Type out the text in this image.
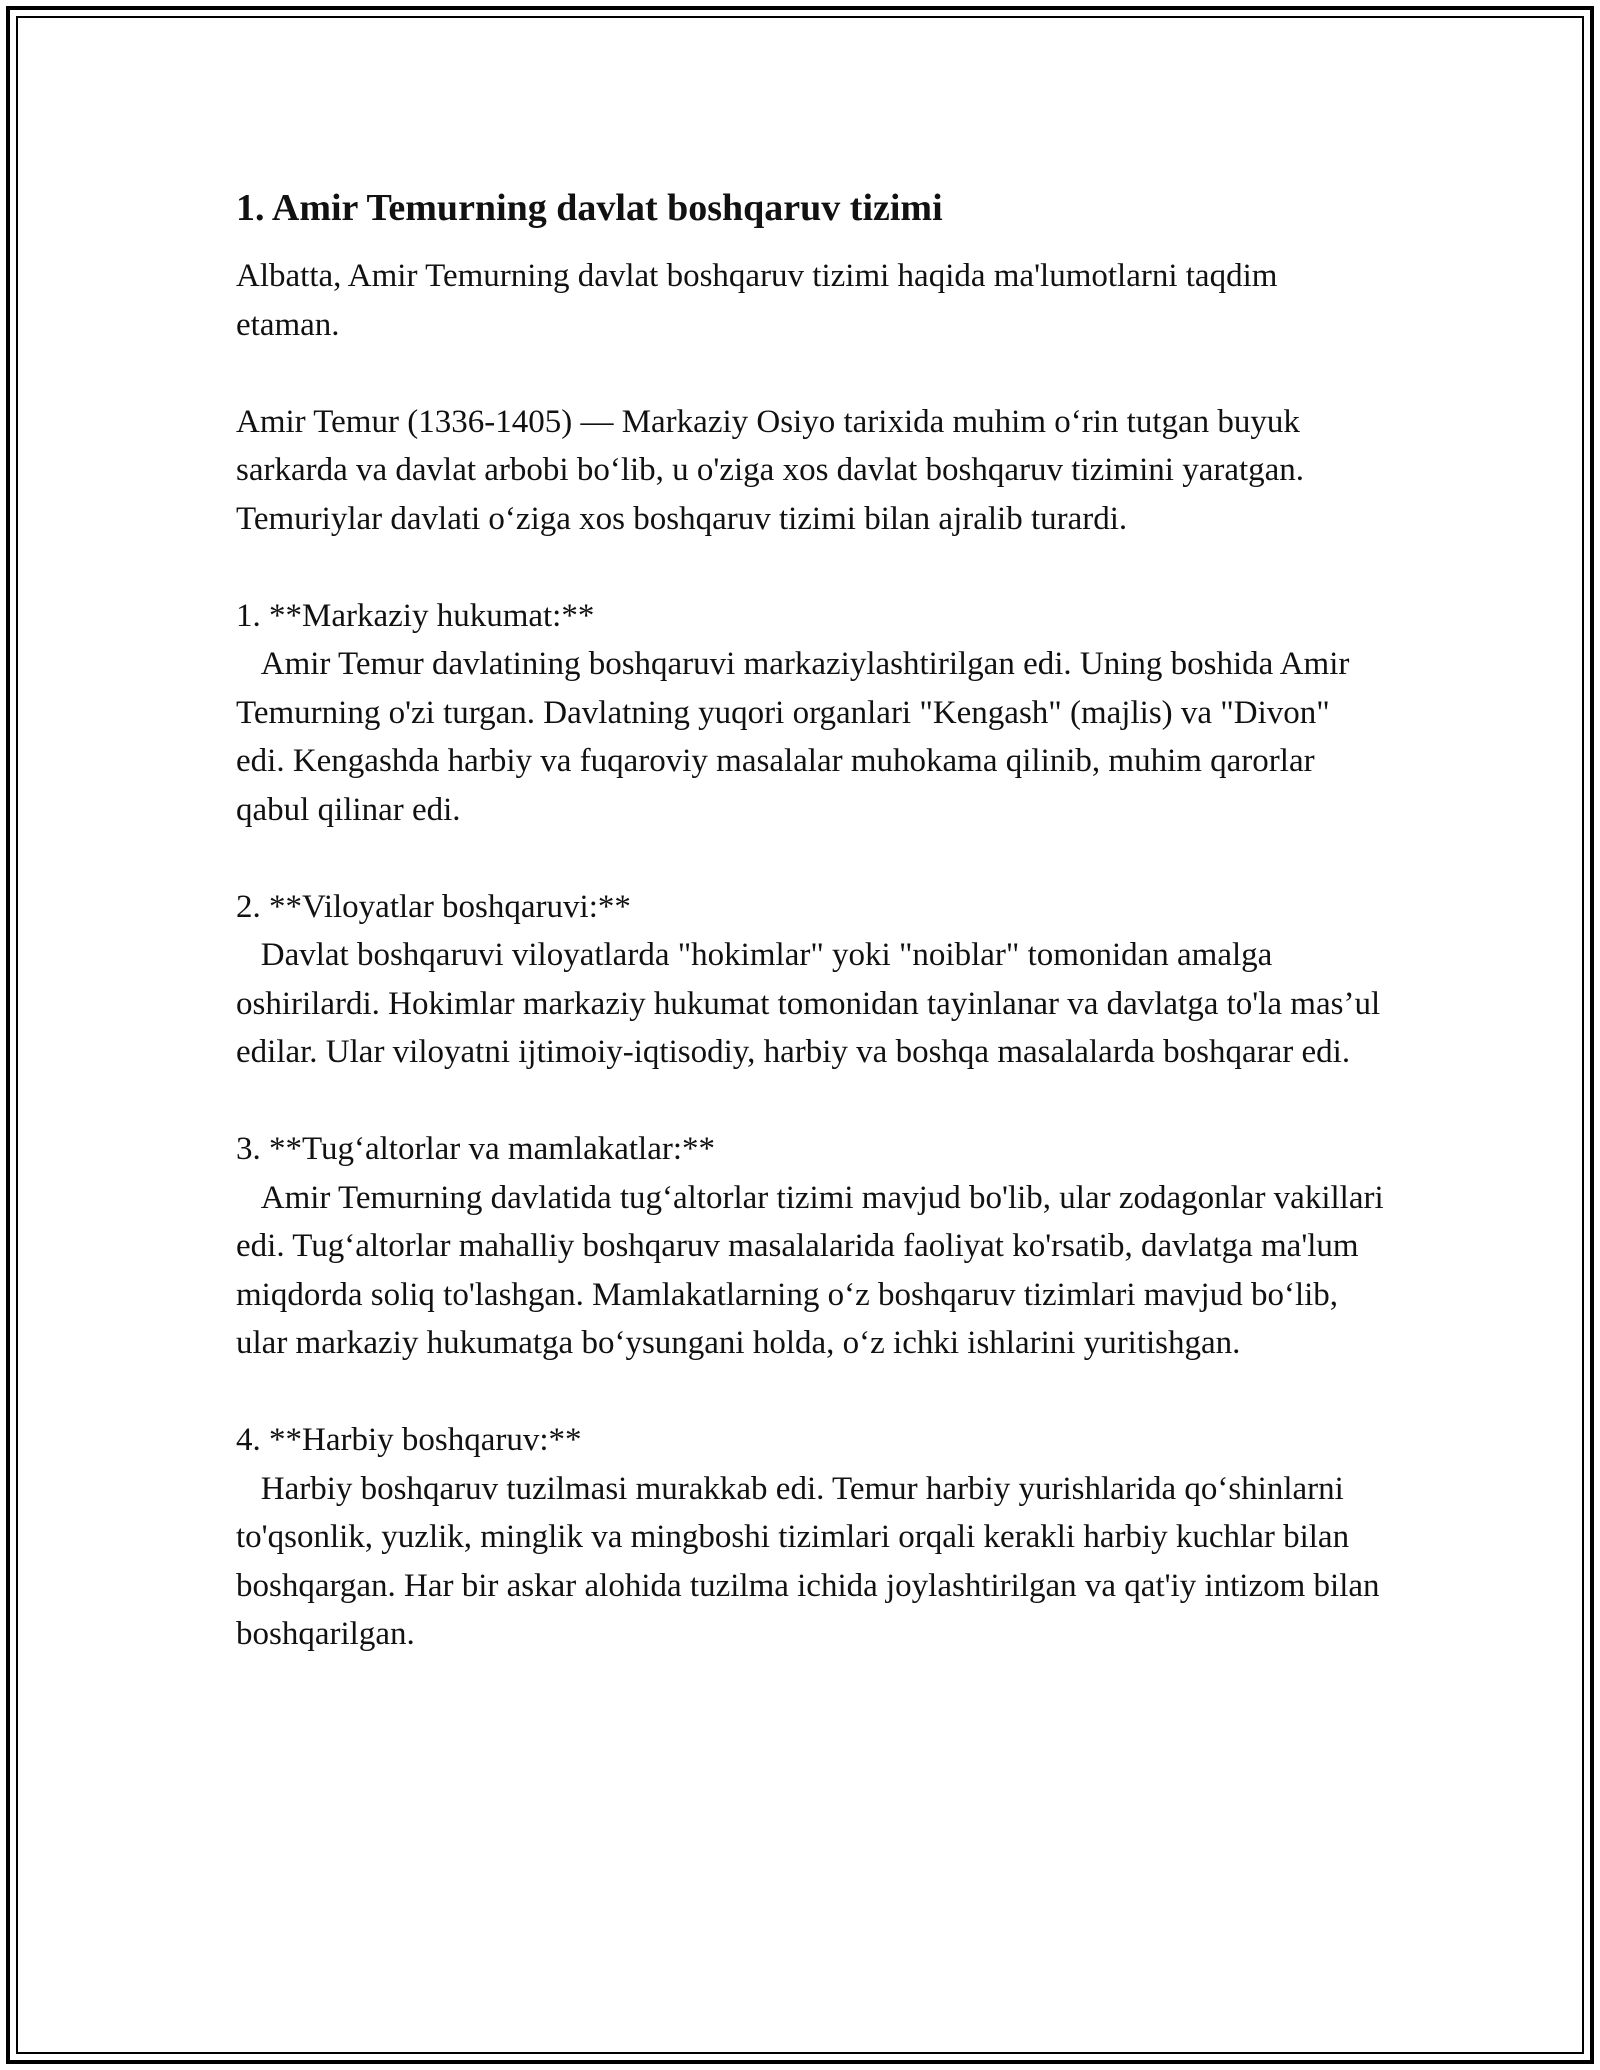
1. Amir Temurning davlat boshqaruv tizimi

Albatta, Amir Temurning davlat boshqaruv tizimi haqida ma'lumotlarni taqdim etaman.

Amir Temur (1336-1405) — Markaziy Osiyo tarixida muhim o‘rin tutgan buyuk sarkarda va davlat arbobi bo‘lib, u o'ziga xos davlat boshqaruv tizimini yaratgan. Temuriylar davlati o‘ziga xos boshqaruv tizimi bilan ajralib turardi.

1. **Markaziy hukumat:**
Amir Temur davlatining boshqaruvi markaziylashtirilgan edi. Uning boshida Amir Temurning o'zi turgan. Davlatning yuqori organlari "Kengash" (majlis) va "Divon" edi. Kengashda harbiy va fuqaroviy masalalar muhokama qilinib, muhim qarorlar qabul qilinar edi.
2. **Viloyatlar boshqaruvi:**
Davlat boshqaruvi viloyatlarda "hokimlar" yoki "noiblar" tomonidan amalga oshirilardi. Hokimlar markaziy hukumat tomonidan tayinlanar va davlatga to'la mas’ul edilar. Ular viloyatni ijtimoiy-iqtisodiy, harbiy va boshqa masalalarda boshqarar edi.
3. **Tug‘altorlar va mamlakatlar:**
Amir Temurning davlatida tug‘altorlar tizimi mavjud bo'lib, ular zodagonlar vakillari edi. Tug‘altorlar mahalliy boshqaruv masalalarida faoliyat ko'rsatib, davlatga ma'lum miqdorda soliq to'lashgan. Mamlakatlarning o‘z boshqaruv tizimlari mavjud bo‘lib, ular markaziy hukumatga bo‘ysungani holda, o‘z ichki ishlarini yuritishgan.
4. **Harbiy boshqaruv:**
Harbiy boshqaruv tuzilmasi murakkab edi. Temur harbiy yurishlarida qo‘shinlarni to'qsonlik, yuzlik, minglik va mingboshi tizimlari orqali kerakli harbiy kuchlar bilan boshqargan. Har bir askar alohida tuzilma ichida joylashtirilgan va qat'iy intizom bilan boshqarilgan.
